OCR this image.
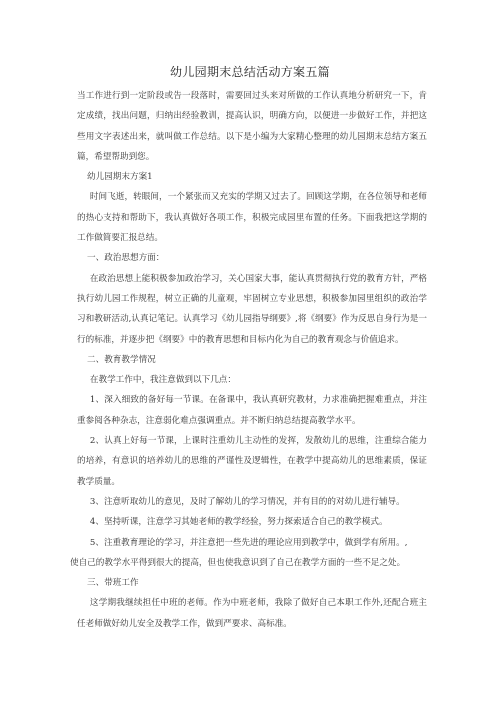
幼儿园期末总结活动方案五篇

当工作进行到一定阶段或告一段落时，需要回过头来对所做的工作认真地分析研究一下，肯定成绩，找出问题，归纳出经验教训，提高认识，明确方向，以便进一步做好工作，并把这些用文字表述出来，就叫做工作总结。以下是小编为大家精心整理的幼儿园期末总结方案五篇，希望帮助到您。

幼儿园期末方案1

时间飞逝，转眼间，一个紧张而又充实的学期又过去了。回顾这学期，在各位领导和老师的热心支持和帮助下，我认真做好各项工作，积极完成园里布置的任务。下面我把这学期的工作做简要汇报总结。

一、政治思想方面：

在政治思想上能积极参加政治学习，关心国家大事，能认真贯彻执行党的教育方针，严格执行幼儿园工作规程，树立正确的儿童观，牢固树立专业思想，积极参加园里组织的政治学习和教研活动,认真记笔记。认真学习《幼儿园指导纲要》,将《纲要》作为反思自身行为是一行的标准，并逐步把《纲要》中的教育思想和目标内化为自己的教育观念与价值追求。

二、教育教学情况

在教学工作中，我注意做到以下几点：

1、深入细致的备好每一节课。在备课中，我认真研究教材，力求准确把握难重点，并注重参阅各种杂志，注意弱化难点强调重点。并不断归纳总结提高教学水平。

2、认真上好每一节课，上课时注重幼儿主动性的发挥，发散幼儿的思维，注重综合能力的培养，有意识的培养幼儿的思维的严谨性及逻辑性，在教学中提高幼儿的思维素质，保证教学质量。

3、注意听取幼儿的意见，及时了解幼儿的学习情况，并有目的的对幼儿进行辅导。

4、坚持听课，注意学习其她老师的教学经验，努力探索适合自己的教学模式。

5、注重教育理论的学习，并注意把一些先进的理论应用到教学中，做到学有所用。,

使自己的教学水平得到很大的提高，但也使我意识到了自己在教学方面的一些不足之处。

三、带班工作

这学期我继续担任中班的老师。作为中班老师，我除了做好自己本职工作外,还配合班主任老师做好幼儿安全及教学工作，做到严要求、高标准。
